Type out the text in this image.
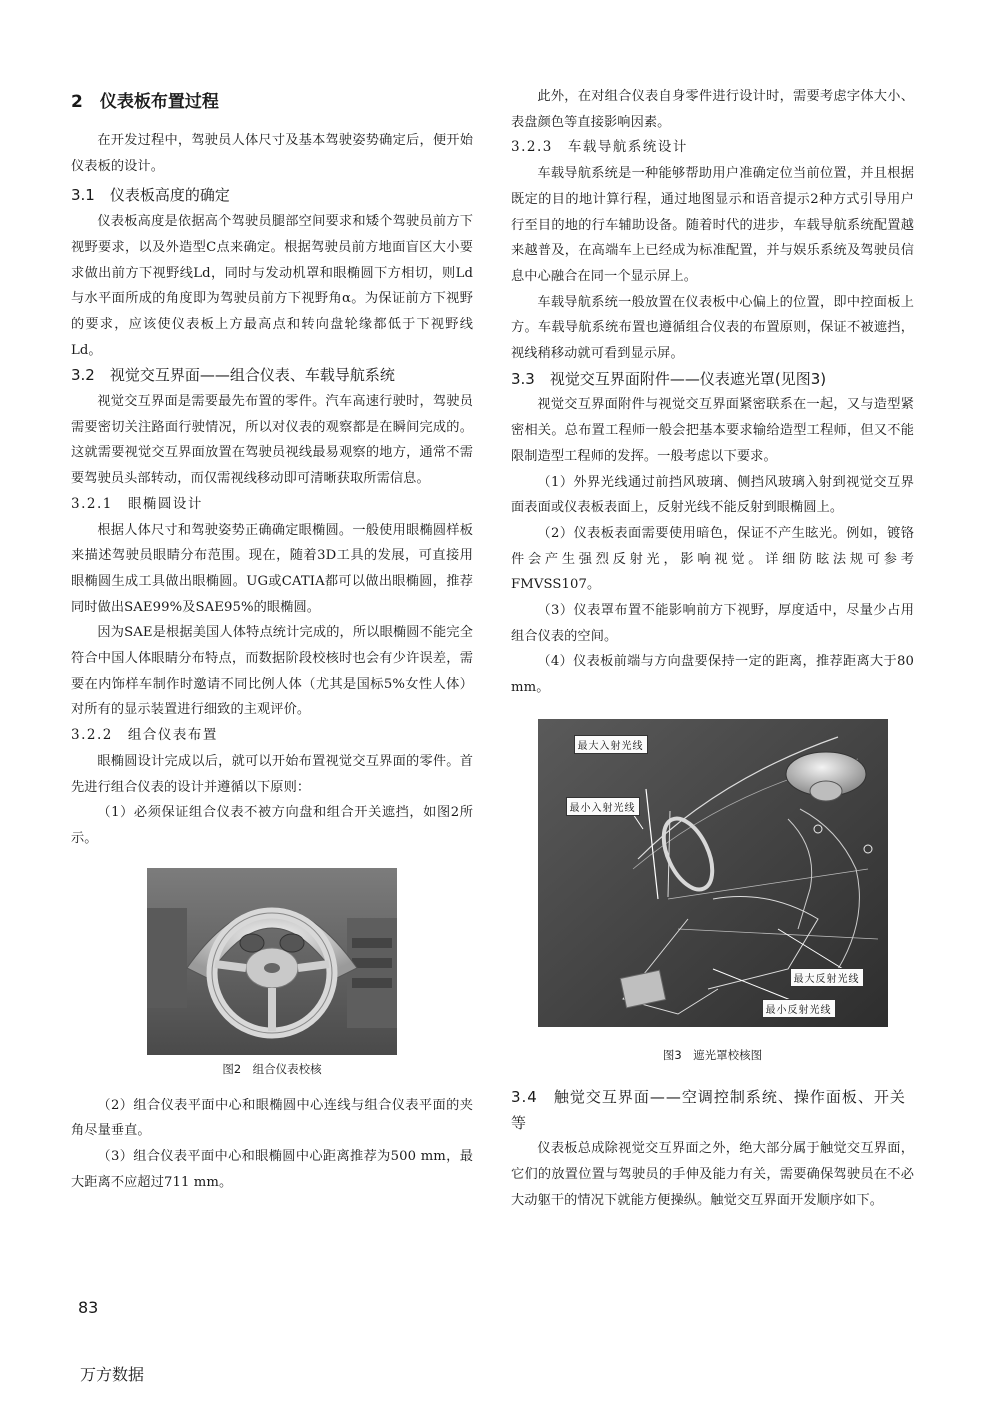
2　仪表板布置过程

在开发过程中，驾驶员人体尺寸及基本驾驶姿势确定后，便开始仪表板的设计。

3.1　仪表板高度的确定

仪表板高度是依据高个驾驶员腿部空间要求和矮个驾驶员前方下视野要求，以及外造型C点来确定。根据驾驶员前方地面盲区大小要求做出前方下视野线Ld，同时与发动机罩和眼椭圆下方相切，则Ld与水平面所成的角度即为驾驶员前方下视野角α。为保证前方下视野的要求，应该使仪表板上方最高点和转向盘轮缘都低于下视野线Ld。

3.2　视觉交互界面——组合仪表、车载导航系统

视觉交互界面是需要最先布置的零件。汽车高速行驶时，驾驶员需要密切关注路面行驶情况，所以对仪表的观察都是在瞬间完成的。这就需要视觉交互界面放置在驾驶员视线最易观察的地方，通常不需要驾驶员头部转动，而仅需视线移动即可清晰获取所需信息。

3.2.1　眼椭圆设计

根据人体尺寸和驾驶姿势正确确定眼椭圆。一般使用眼椭圆样板来描述驾驶员眼睛分布范围。现在，随着3D工具的发展，可直接用眼椭圆生成工具做出眼椭圆。UG或CATIA都可以做出眼椭圆，推荐同时做出SAE99%及SAE95%的眼椭圆。

因为SAE是根据美国人体特点统计完成的，所以眼椭圆不能完全符合中国人体眼睛分布特点，而数据阶段校核时也会有少许误差，需要在内饰样车制作时邀请不同比例人体（尤其是国标5%女性人体）对所有的显示装置进行细致的主观评价。

3.2.2　组合仪表布置

眼椭圆设计完成以后，就可以开始布置视觉交互界面的零件。首先进行组合仪表的设计并遵循以下原则：

（1）必须保证组合仪表不被方向盘和组合开关遮挡，如图2所示。

图2　组合仪表校核

（2）组合仪表平面中心和眼椭圆中心连线与组合仪表平面的夹角尽量垂直。

（3）组合仪表平面中心和眼椭圆中心距离推荐为500 mm，最大距离不应超过711 mm。

此外，在对组合仪表自身零件进行设计时，需要考虑字体大小、表盘颜色等直接影响因素。

3.2.3　车载导航系统设计

车载导航系统是一种能够帮助用户准确定位当前位置，并且根据既定的目的地计算行程，通过地图显示和语音提示2种方式引导用户行至目的地的行车辅助设备。随着时代的进步，车载导航系统配置越来越普及，在高端车上已经成为标准配置，并与娱乐系统及驾驶员信息中心融合在同一个显示屏上。

车载导航系统一般放置在仪表板中心偏上的位置，即中控面板上方。车载导航系统布置也遵循组合仪表的布置原则，保证不被遮挡，视线稍移动就可看到显示屏。

3.3　视觉交互界面附件——仪表遮光罩(见图3)

视觉交互界面附件与视觉交互界面紧密联系在一起，又与造型紧密相关。总布置工程师一般会把基本要求输给造型工程师，但又不能限制造型工程师的发挥。一般考虑以下要求。

（1）外界光线通过前挡风玻璃、侧挡风玻璃入射到视觉交互界面表面或仪表板表面上，反射光线不能反射到眼椭圆上。

（2）仪表板表面需要使用暗色，保证不产生眩光。例如，镀铬件会产生强烈反射光，影响视觉。详细防眩法规可参考FMVSS107。

（3）仪表罩布置不能影响前方下视野，厚度适中，尽量少占用组合仪表的空间。

（4）仪表板前端与方向盘要保持一定的距离，推荐距离大于80 mm。

最大入射光线
最小入射光线
最大反射光线
最小反射光线

图3　遮光罩校核图

3.4　触觉交互界面——空调控制系统、操作面板、开关等

仪表板总成除视觉交互界面之外，绝大部分属于触觉交互界面，它们的放置位置与驾驶员的手伸及能力有关，需要确保驾驶员在不必大动躯干的情况下就能方便操纵。触觉交互界面开发顺序如下。

83
万方数据
